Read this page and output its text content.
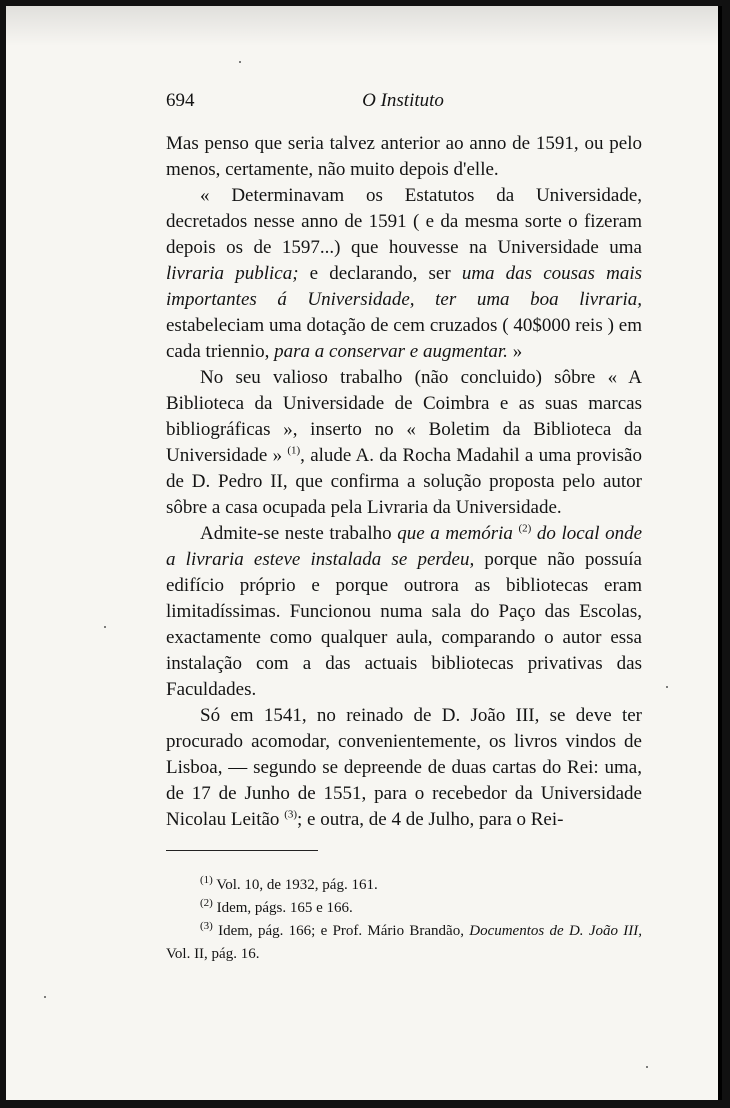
694	O Instituto

Mas penso que seria talvez anterior ao anno de 1591, ou pelo menos, certamente, não muito depois d'elle.

« Determinavam os Estatutos da Universidade, decretados nesse anno de 1591 ( e da mesma sorte o fizeram depois os de 1597...) que houvesse na Universidade uma livraria publica; e declarando, ser uma das cousas mais importantes á Universidade, ter uma boa livraria, estabeleciam uma dotação de cem cruzados ( 40$000 reis ) em cada triennio, para a conservar e augmentar. »

No seu valioso trabalho (não concluido) sôbre « A Biblioteca da Universidade de Coimbra e as suas marcas bibliográficas », inserto no « Boletim da Biblioteca da Universidade » $^{(1)}$, alude A. da Rocha Madahil a uma provisão de D. Pedro II, que confirma a solução proposta pelo autor sôbre a casa ocupada pela Livraria da Universidade.

Admite-se neste trabalho que a memória $^{(2)}$ do local onde a livraria esteve instalada se perdeu, porque não possuía edifício próprio e porque outrora as bibliotecas eram limitadíssimas. Funcionou numa sala do Paço das Escolas, exactamente como qualquer aula, comparando o autor essa instalação com a das actuais bibliotecas privativas das Faculdades.

Só em 1541, no reinado de D. João III, se deve ter procurado acomodar, convenientemente, os livros vindos de Lisboa, — segundo se depreende de duas cartas do Rei: uma, de 17 de Junho de 1551, para o recebedor da Universidade Nicolau Leitão $^{(3)}$; e outra, de 4 de Julho, para o Rei-

$^{(1)}$ Vol. 10, de 1932, pág. 161.

$^{(2)}$ Idem, págs. 165 e 166.

$^{(3)}$ Idem, pág. 166; e Prof. Mário Brandão, Documentos de D. João III, Vol. II, pág. 16.
